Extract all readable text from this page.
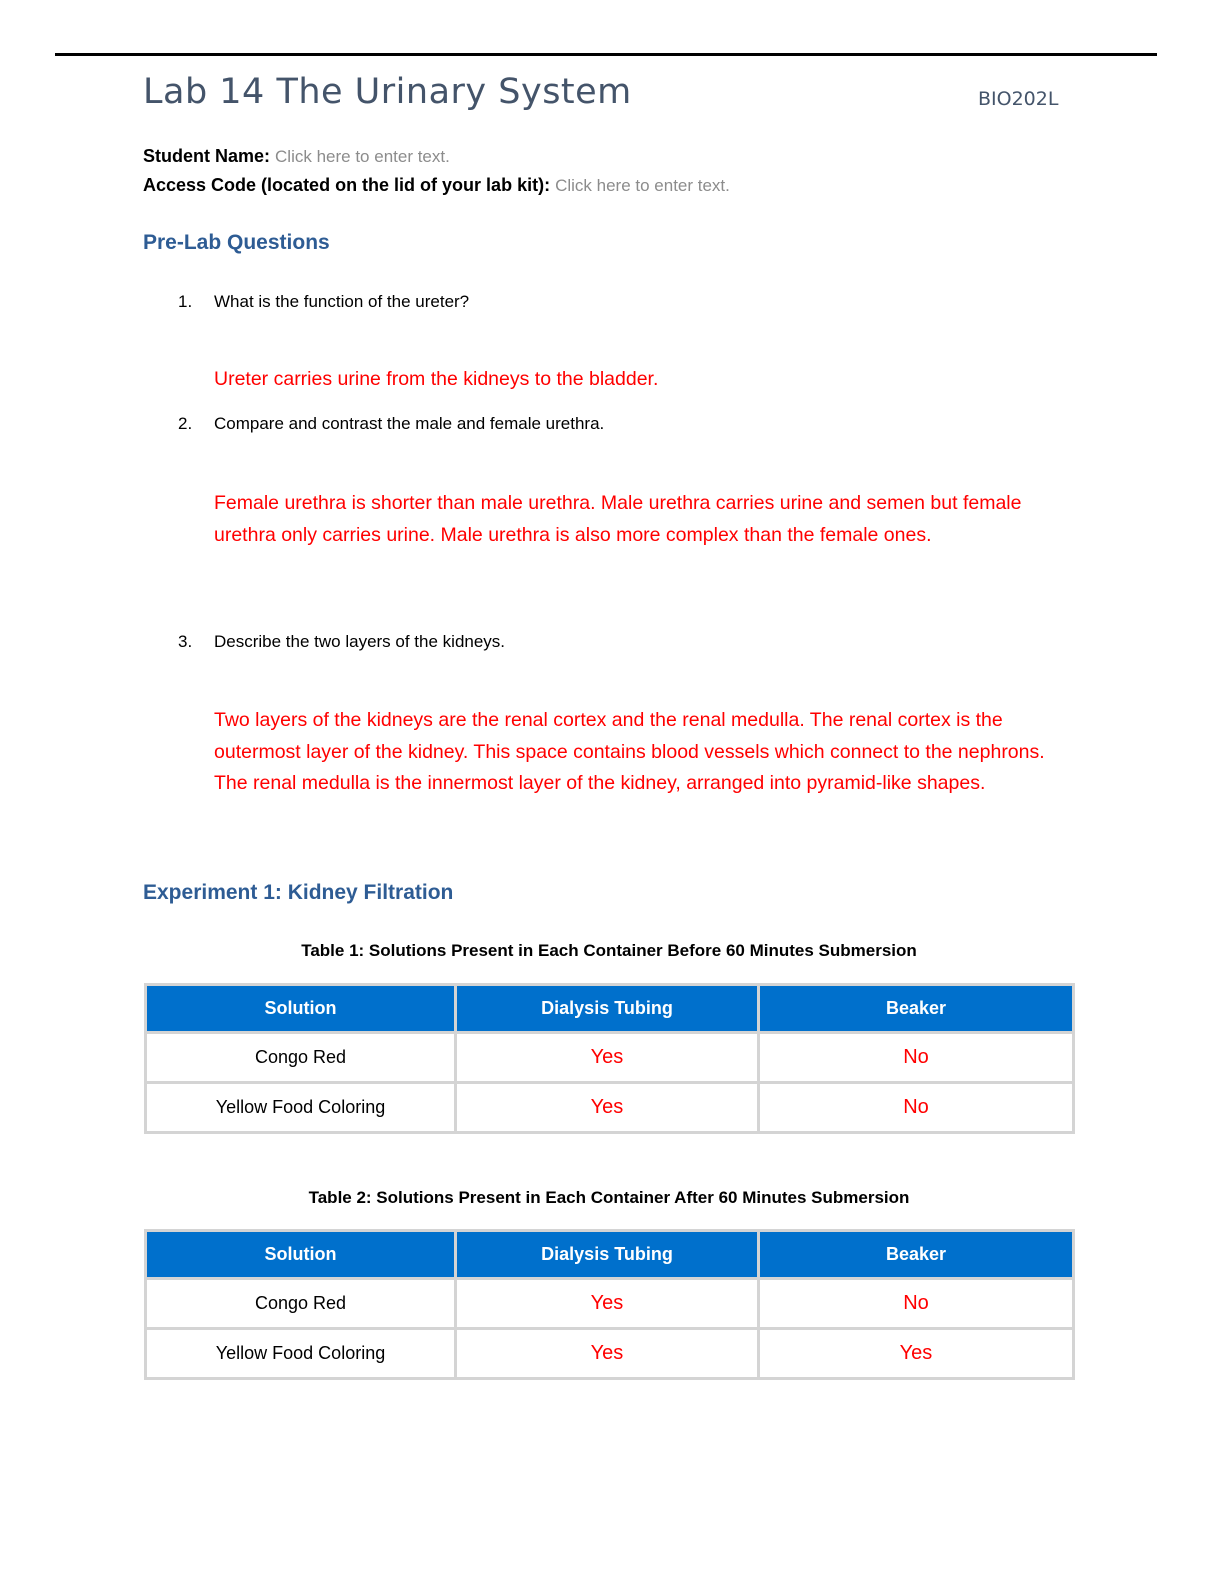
Lab 14 The Urinary System	BIO202L
Student Name: Click here to enter text.
Access Code (located on the lid of your lab kit): Click here to enter text.
Pre-Lab Questions
1. What is the function of the ureter?
Ureter carries urine from the kidneys to the bladder.
2. Compare and contrast the male and female urethra.
Female urethra is shorter than male urethra. Male urethra carries urine and semen but female urethra only carries urine. Male urethra is also more complex than the female ones.
3. Describe the two layers of the kidneys.
Two layers of the kidneys are the renal cortex and the renal medulla. The renal cortex is the outermost layer of the kidney. This space contains blood vessels which connect to the nephrons. The renal medulla is the innermost layer of the kidney, arranged into pyramid-like shapes.
Experiment 1: Kidney Filtration
Table 1: Solutions Present in Each Container Before 60 Minutes Submersion
Solution	Dialysis Tubing	Beaker
Congo Red	Yes	No
Yellow Food Coloring	Yes	No
Table 2: Solutions Present in Each Container After 60 Minutes Submersion
Solution	Dialysis Tubing	Beaker
Congo Red	Yes	No
Yellow Food Coloring	Yes	Yes
